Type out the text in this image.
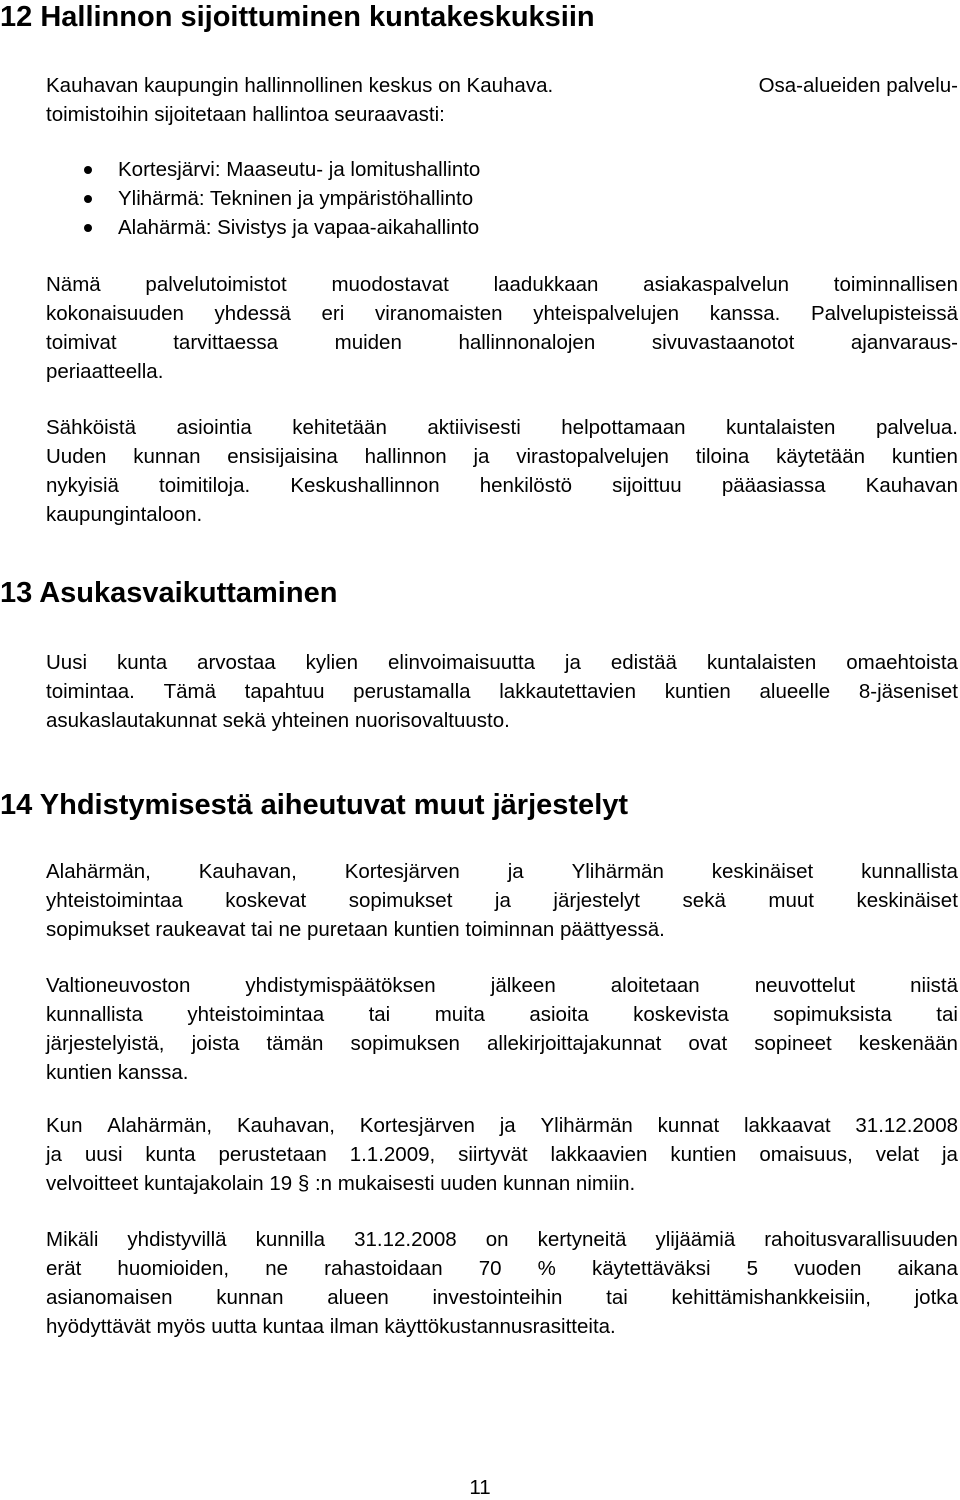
12 Hallinnon sijoittuminen kuntakeskuksiin
Kauhavan kaupungin hallinnollinen keskus on Kauhava.	Osa-alueiden palvelu-
toimistoihin sijoitetaan hallintoa seuraavasti:
Kortesjärvi: Maaseutu- ja lomitushallinto
Ylihärmä: Tekninen ja ympäristöhallinto
Alahärmä: Sivistys ja vapaa-aikahallinto
Nämä palvelutoimistot muodostavat laadukkaan asiakaspalvelun toiminnallisen
kokonaisuuden yhdessä eri viranomaisten yhteispalvelujen kanssa. Palvelupisteissä
toimivat	tarvittaessa	muiden	hallinnonalojen	sivuvastaanotot	ajanvaraus-
periaatteella.
Sähköistä asiointia kehitetään aktiivisesti helpottamaan kuntalaisten palvelua.
Uuden kunnan ensisijaisina hallinnon ja virastopalvelujen tiloina käytetään kuntien
nykyisiä toimitiloja. Keskushallinnon henkilöstö sijoittuu pääasiassa Kauhavan
kaupungintaloon.
13 Asukasvaikuttaminen
Uusi kunta arvostaa kylien elinvoimaisuutta ja edistää kuntalaisten omaehtoista
toimintaa. Tämä tapahtuu perustamalla lakkautettavien kuntien alueelle 8-jäseniset
asukaslautakunnat sekä yhteinen nuorisovaltuusto.
14 Yhdistymisestä aiheutuvat muut järjestelyt
Alahärmän, Kauhavan, Kortesjärven ja Ylihärmän keskinäiset kunnallista
yhteistoimintaa koskevat sopimukset ja järjestelyt sekä muut keskinäiset
sopimukset raukeavat tai ne puretaan kuntien toiminnan päättyessä.
Valtioneuvoston	yhdistymispäätöksen	jälkeen	aloitetaan	neuvottelut	niistä
kunnallista yhteistoimintaa tai muita asioita koskevista sopimuksista tai
järjestelyistä, joista tämän sopimuksen allekirjoittajakunnat ovat sopineet keskenään
kuntien kanssa.
Kun Alahärmän, Kauhavan, Kortesjärven ja Ylihärmän kunnat lakkaavat 31.12.2008
ja uusi kunta perustetaan 1.1.2009, siirtyvät lakkaavien kuntien omaisuus, velat ja
velvoitteet kuntajakolain 19 § :n mukaisesti uuden kunnan nimiin.
Mikäli yhdistyvillä kunnilla 31.12.2008 on kertyneitä ylijäämiä rahoitusvarallisuuden
erät huomioiden, ne rahastoidaan 70 % käytettäväksi 5 vuoden aikana
asianomaisen kunnan alueen investointeihin tai kehittämishankkeisiin, jotka
hyödyttävät myös uutta kuntaa ilman käyttökustannusrasitteita.
11
